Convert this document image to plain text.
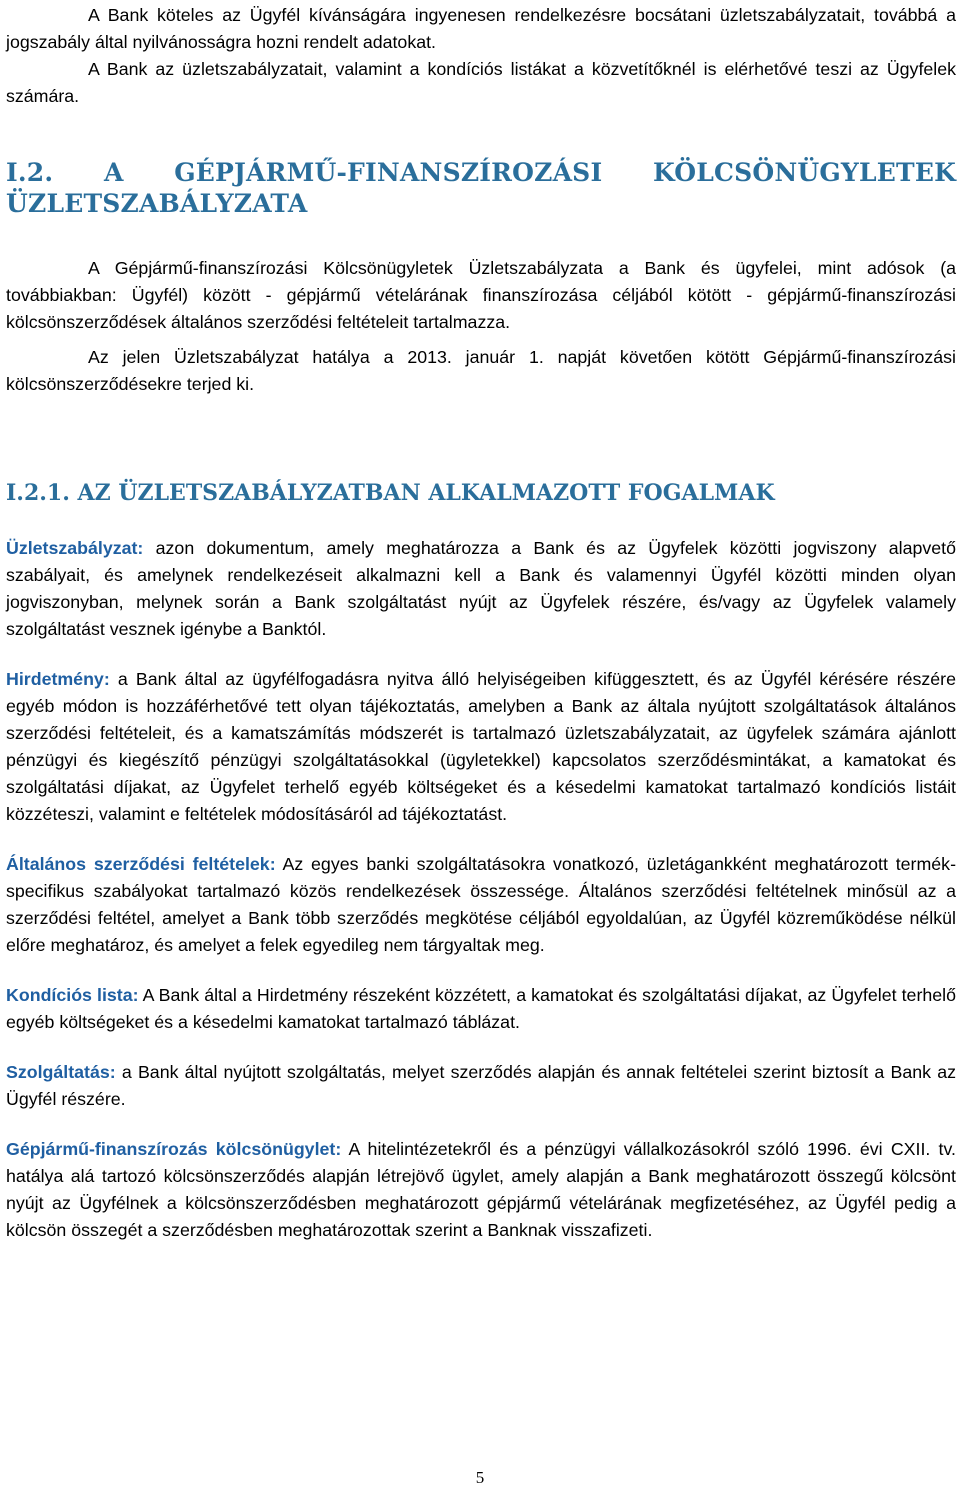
A Bank köteles az Ügyfél kívánságára ingyenesen rendelkezésre bocsátani üzletszabályzatait, továbbá a jogszabály által nyilvánosságra hozni rendelt adatokat.

A Bank az üzletszabályzatait, valamint a kondíciós listákat a közvetítőknél is elérhetővé teszi az Ügyfelek számára.

I.2. A GÉPJÁRMŰ-FINANSZÍROZÁSI KÖLCSÖNÜGYLETEK
ÜZLETSZABÁLYZATA

A Gépjármű-finanszírozási Kölcsönügyletek Üzletszabályzata a Bank és ügyfelei, mint adósok (a továbbiakban: Ügyfél) között - gépjármű vételárának finanszírozása céljából kötött - gépjármű-finanszírozási kölcsönszerződések általános szerződési feltételeit tartalmazza.

Az jelen Üzletszabályzat hatálya a 2013. január 1. napját követően kötött Gépjármű-finanszírozási kölcsönszerződésekre terjed ki.

I.2.1. AZ ÜZLETSZABÁLYZATBAN ALKALMAZOTT FOGALMAK

Üzletszabályzat: azon dokumentum, amely meghatározza a Bank és az Ügyfelek közötti jogviszony alapvető szabályait, és amelynek rendelkezéseit alkalmazni kell a Bank és valamennyi Ügyfél közötti minden olyan jogviszonyban, melynek során a Bank szolgáltatást nyújt az Ügyfelek részére, és/vagy az Ügyfelek valamely szolgáltatást vesznek igénybe a Banktól.

Hirdetmény: a Bank által az ügyfélfogadásra nyitva álló helyiségeiben kifüggesztett, és az Ügyfél kérésére részére egyéb módon is hozzáférhetővé tett olyan tájékoztatás, amelyben a Bank az általa nyújtott szolgáltatások általános szerződési feltételeit, és a kamatszámítás módszerét is tartalmazó üzletszabályzatait, az ügyfelek számára ajánlott pénzügyi és kiegészítő pénzügyi szolgáltatásokkal (ügyletekkel) kapcsolatos szerződésmintákat, a kamatokat és szolgáltatási díjakat, az Ügyfelet terhelő egyéb költségeket és a késedelmi kamatokat tartalmazó kondíciós listáit közzéteszi, valamint e feltételek módosításáról ad tájékoztatást.

Általános szerződési feltételek: Az egyes banki szolgáltatásokra vonatkozó, üzletágankként meghatározott termék-specifikus szabályokat tartalmazó közös rendelkezések összessége. Általános szerződési feltételnek minősül az a szerződési feltétel, amelyet a Bank több szerződés megkötése céljából egyoldalúan, az Ügyfél közreműködése nélkül előre meghatároz, és amelyet a felek egyedileg nem tárgyaltak meg.

Kondíciós lista: A Bank által a Hirdetmény részeként közzétett, a kamatokat és szolgáltatási díjakat, az Ügyfelet terhelő egyéb költségeket és a késedelmi kamatokat tartalmazó táblázat.

Szolgáltatás: a Bank által nyújtott szolgáltatás, melyet szerződés alapján és annak feltételei szerint biztosít a Bank az Ügyfél részére.

Gépjármű-finanszírozás kölcsönügylet: A hitelintézetekről és a pénzügyi vállalkozásokról szóló 1996. évi CXII. tv. hatálya alá tartozó kölcsönszerződés alapján létrejövő ügylet, amely alapján a Bank meghatározott összegű kölcsönt nyújt az Ügyfélnek a kölcsönszerződésben meghatározott gépjármű vételárának megfizetéséhez, az Ügyfél pedig a kölcsön összegét a szerződésben meghatározottak szerint a Banknak visszafizeti.

5
